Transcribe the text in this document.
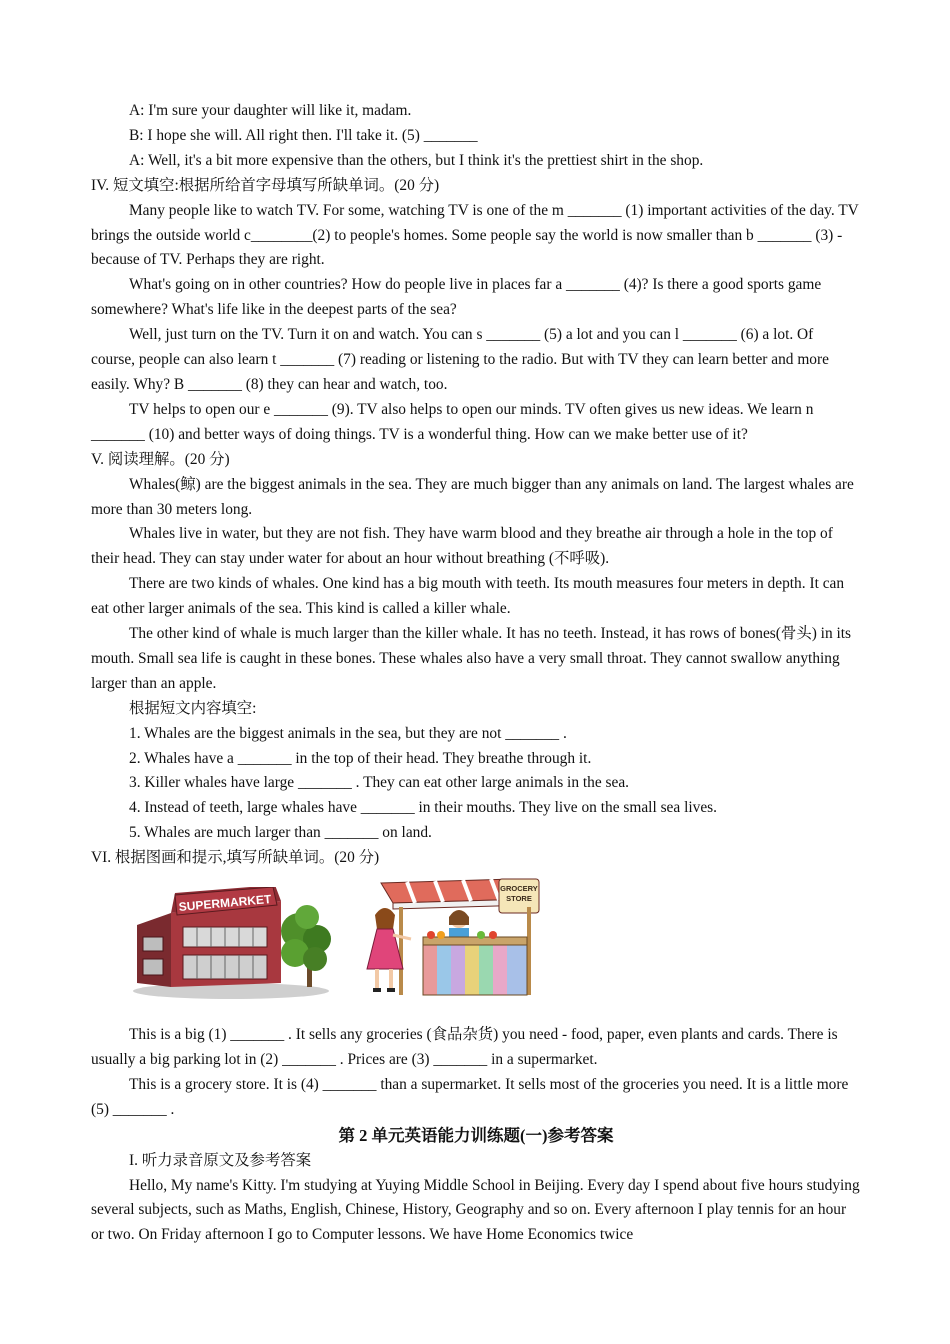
A: I'm sure your daughter will like it, madam.

B: I hope she will. All right then. I'll take it. (5) _______

A: Well, it's a bit more expensive than the others, but I think it's the prettiest shirt in the shop.

IV. 短文填空:根据所给首字母填写所缺单词。(20 分)

Many people like to watch TV. For some, watching TV is one of the m _______ (1) important activities of the day. TV brings the outside world c________(2) to people's homes. Some people say the world is now smaller than b _______ (3) - because of TV. Perhaps they are right.

What's going on in other countries? How do people live in places far a _______ (4)? Is there a good sports game somewhere? What's life like in the deepest parts of the sea?

Well, just turn on the TV. Turn it on and watch. You can s _______ (5) a lot and you can l _______ (6) a lot. Of course, people can also learn t _______ (7) reading or listening to the radio. But with TV they can learn better and more easily. Why? B _______ (8) they can hear and watch, too.

TV helps to open our e _______ (9). TV also helps to open our minds. TV often gives us new ideas. We learn n _______ (10) and better ways of doing things. TV is a wonderful thing. How can we make better use of it?

V. 阅读理解。(20 分)

Whales(鲸) are the biggest animals in the sea. They are much bigger than any animals on land. The largest whales are more than 30 meters long.

Whales live in water, but they are not fish. They have warm blood and they breathe air through a hole in the top of their head. They can stay under water for about an hour without breathing (不呼吸).

There are two kinds of whales. One kind has a big mouth with teeth. Its mouth measures four meters in depth. It can eat other larger animals of the sea. This kind is called a killer whale.

The other kind of whale is much larger than the killer whale. It has no teeth. Instead, it has rows of bones(骨头) in its mouth. Small sea life is caught in these bones. These whales also have a very small throat. They cannot swallow anything larger than an apple.

根据短文内容填空:

1. Whales are the biggest animals in the sea, but they are not _______ .

2. Whales have a _______ in the top of their head. They breathe through it.

3. Killer whales have large _______ . They can eat other large animals in the sea.

4. Instead of teeth, large whales have _______ in their mouths. They live on the small sea lives.

5. Whales are much larger than _______ on land.

VI. 根据图画和提示,填写所缺单词。(20 分)

SUPERMARKET
GROCERY
STORE

This is a big (1) _______ . It sells any groceries (食品杂货) you need - food, paper, even plants and cards. There is usually a big parking lot in (2) _______ . Prices are (3) _______ in a supermarket.

This is a grocery store. It is (4) _______ than a supermarket. It sells most of the groceries you need. It is a little more (5) _______ .

第 2 单元英语能力训练题(一)参考答案

I. 听力录音原文及参考答案

Hello, My name's Kitty. I'm studying at Yuying Middle School in Beijing. Every day I spend about five hours studying several subjects, such as Maths, English, Chinese, History, Geography and so on. Every afternoon I play tennis for an hour or two. On Friday afternoon I go to Computer lessons. We have Home Economics twice
